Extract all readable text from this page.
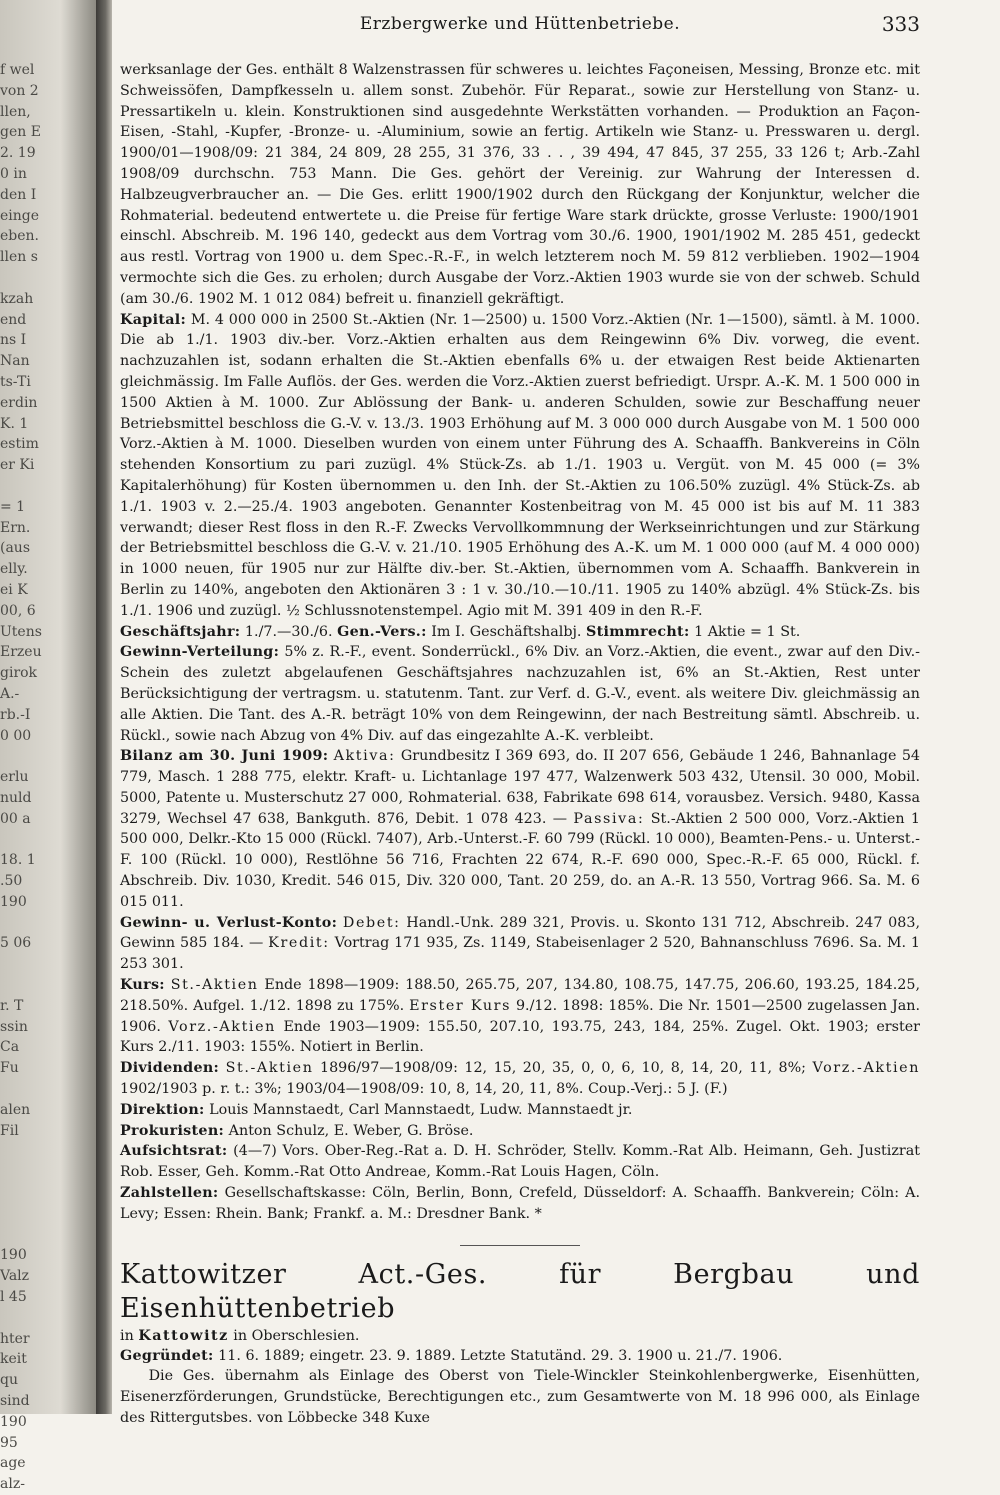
f wel
von 2
llen,
gen E
2. 19
0 in
den I
einge
eben.
llen s
kzah
end
ns I
Nan
ts-Ti
erdin
K. 1
estim
er Ki
= 1
Ern.
(aus
elly.
ei K
00, 6
Utens
Erzeu
girok
A.-
rb.-I
0 00
erlu
nuld
00 a
18. 1
.50
190
5 06
r. T
ssin
Ca
Fu
alen
Fil
190
Valz
l 45
hter
keit
qu
sind
190
95
age
alz-
Erzbergwerke und Hüttenbetriebe.	333

werksanlage der Ges. enthält 8 Walzenstrassen für schweres u. leichtes Façoneisen, Messing, Bronze etc. mit Schweissöfen, Dampfkesseln u. allem sonst. Zubehör. Für Reparat., sowie zur Herstellung von Stanz- u. Pressartikeln u. klein. Konstruktionen sind ausgedehnte Werkstätten vorhanden. — Produktion an Façon-Eisen, -Stahl, -Kupfer, -Bronze- u. -Aluminium, sowie an fertig. Artikeln wie Stanz- u. Presswaren u. dergl. 1900/01—1908/09: 21 384, 24 809, 28 255, 31 376, 33 . . , 39 494, 47 845, 37 255, 33 126 t; Arb.-Zahl 1908/09 durchschn. 753 Mann. Die Ges. gehört der Vereinig. zur Wahrung der Interessen d. Halbzeugverbraucher an. — Die Ges. erlitt 1900/1902 durch den Rückgang der Konjunktur, welcher die Rohmaterial. bedeutend entwertete u. die Preise für fertige Ware stark drückte, grosse Verluste: 1900/1901 einschl. Abschreib. M. 196 140, gedeckt aus dem Vortrag vom 30./6. 1900, 1901/1902 M. 285 451, gedeckt aus restl. Vortrag von 1900 u. dem Spec.-R.-F., in welch letzterem noch M. 59 812 verblieben. 1902—1904 vermochte sich die Ges. zu erholen; durch Ausgabe der Vorz.-Aktien 1903 wurde sie von der schweb. Schuld (am 30./6. 1902 M. 1 012 084) befreit u. finanziell gekräftigt.

Kapital: M. 4 000 000 in 2500 St.-Aktien (Nr. 1—2500) u. 1500 Vorz.-Aktien (Nr. 1—1500), sämtl. à M. 1000. Die ab 1./1. 1903 div.-ber. Vorz.-Aktien erhalten aus dem Reingewinn 6% Div. vorweg, die event. nachzuzahlen ist, sodann erhalten die St.-Aktien ebenfalls 6% u. der etwaigen Rest beide Aktienarten gleichmässig. Im Falle Auflös. der Ges. werden die Vorz.-Aktien zuerst befriedigt. Urspr. A.-K. M. 1 500 000 in 1500 Aktien à M. 1000. Zur Ablössung der Bank- u. anderen Schulden, sowie zur Beschaffung neuer Betriebsmittel beschloss die G.-V. v. 13./3. 1903 Erhöhung auf M. 3 000 000 durch Ausgabe von M. 1 500 000 Vorz.-Aktien à M. 1000. Dieselben wurden von einem unter Führung des A. Schaaffh. Bankvereins in Cöln stehenden Konsortium zu pari zuzügl. 4% Stück-Zs. ab 1./1. 1903 u. Vergüt. von M. 45 000 (= 3% Kapitalerhöhung) für Kosten übernommen u. den Inh. der St.-Aktien zu 106.50% zuzügl. 4% Stück-Zs. ab 1./1. 1903 v. 2.—25./4. 1903 angeboten. Genannter Kostenbeitrag von M. 45 000 ist bis auf M. 11 383 verwandt; dieser Rest floss in den R.-F. Zwecks Vervollkommnung der Werkseinrichtungen und zur Stärkung der Betriebsmittel beschloss die G.-V. v. 21./10. 1905 Erhöhung des A.-K. um M. 1 000 000 (auf M. 4 000 000) in 1000 neuen, für 1905 nur zur Hälfte div.-ber. St.-Aktien, übernommen vom A. Schaaffh. Bankverein in Berlin zu 140%, angeboten den Aktionären 3 : 1 v. 30./10.—10./11. 1905 zu 140% abzügl. 4% Stück-Zs. bis 1./1. 1906 und zuzügl. ½ Schlussnotenstempel. Agio mit M. 391 409 in den R.-F.

Geschäftsjahr: 1./7.—30./6. Gen.-Vers.: Im I. Geschäftshalbj. Stimmrecht: 1 Aktie = 1 St.

Gewinn-Verteilung: 5% z. R.-F., event. Sonderrückl., 6% Div. an Vorz.-Aktien, die event., zwar auf den Div.-Schein des zuletzt abgelaufenen Geschäftsjahres nachzuzahlen ist, 6% an St.-Aktien, Rest unter Berücksichtigung der vertragsm. u. statutenm. Tant. zur Verf. d. G.-V., event. als weitere Div. gleichmässig an alle Aktien. Die Tant. des A.-R. beträgt 10% von dem Reingewinn, der nach Bestreitung sämtl. Abschreib. u. Rückl., sowie nach Abzug von 4% Div. auf das eingezahlte A.-K. verbleibt.

Bilanz am 30. Juni 1909: Aktiva: Grundbesitz I 369 693, do. II 207 656, Gebäude 1 246, Bahnanlage 54 779, Masch. 1 288 775, elektr. Kraft- u. Lichtanlage 197 477, Walzenwerk 503 432, Utensil. 30 000, Mobil. 5000, Patente u. Musterschutz 27 000, Rohmaterial. 638, Fabrikate 698 614, vorausbez. Versich. 9480, Kassa 3279, Wechsel 47 638, Bankguth. 876, Debit. 1 078 423. — Passiva: St.-Aktien 2 500 000, Vorz.-Aktien 1 500 000, Delkr.-Kto 15 000 (Rückl. 7407), Arb.-Unterst.-F. 60 799 (Rückl. 10 000), Beamten-Pens.- u. Unterst.-F. 100 (Rückl. 10 000), Restlöhne 56 716, Frachten 22 674, R.-F. 690 000, Spec.-R.-F. 65 000, Rückl. f. Abschreib. Div. 1030, Kredit. 546 015, Div. 320 000, Tant. 20 259, do. an A.-R. 13 550, Vortrag 966. Sa. M. 6 015 011.

Gewinn- u. Verlust-Konto: Debet: Handl.-Unk. 289 321, Provis. u. Skonto 131 712, Abschreib. 247 083, Gewinn 585 184. — Kredit: Vortrag 171 935, Zs. 1149, Stabeisenlager 2 520, Bahnanschluss 7696. Sa. M. 1 253 301.

Kurs: St.-Aktien Ende 1898—1909: 188.50, 265.75, 207, 134.80, 108.75, 147.75, 206.60, 193.25, 184.25, 218.50%. Aufgel. 1./12. 1898 zu 175%. Erster Kurs 9./12. 1898: 185%. Die Nr. 1501—2500 zugelassen Jan. 1906. Vorz.-Aktien Ende 1903—1909: 155.50, 207.10, 193.75, 243, 184, 25%. Zugel. Okt. 1903; erster Kurs 2./11. 1903: 155%. Notiert in Berlin.

Dividenden: St.-Aktien 1896/97—1908/09: 12, 15, 20, 35, 0, 0, 6, 10, 8, 14, 20, 11, 8%; Vorz.-Aktien 1902/1903 p. r. t.: 3%; 1903/04—1908/09: 10, 8, 14, 20, 11, 8%. Coup.-Verj.: 5 J. (F.)

Direktion: Louis Mannstaedt, Carl Mannstaedt, Ludw. Mannstaedt jr.

Prokuristen: Anton Schulz, E. Weber, G. Bröse.

Aufsichtsrat: (4—7) Vors. Ober-Reg.-Rat a. D. H. Schröder, Stellv. Komm.-Rat Alb. Heimann, Geh. Justizrat Rob. Esser, Geh. Komm.-Rat Otto Andreae, Komm.-Rat Louis Hagen, Cöln.

Zahlstellen: Gesellschaftskasse: Cöln, Berlin, Bonn, Crefeld, Düsseldorf: A. Schaaffh. Bankverein; Cöln: A. Levy; Essen: Rhein. Bank; Frankf. a. M.: Dresdner Bank. *

Kattowitzer Act.-Ges. für Bergbau und Eisenhüttenbetrieb

in Kattowitz in Oberschlesien.

Gegründet: 11. 6. 1889; eingetr. 23. 9. 1889. Letzte Statutänd. 29. 3. 1900 u. 21./7. 1906.

  Die Ges. übernahm als Einlage des Oberst von Tiele-Winckler Steinkohlenbergwerke, Eisenhütten, Eisenerzförderungen, Grundstücke, Berechtigungen etc., zum Gesamtwerte von M. 18 996 000, als Einlage des Rittergutsbes. von Löbbecke 348 Kuxe
